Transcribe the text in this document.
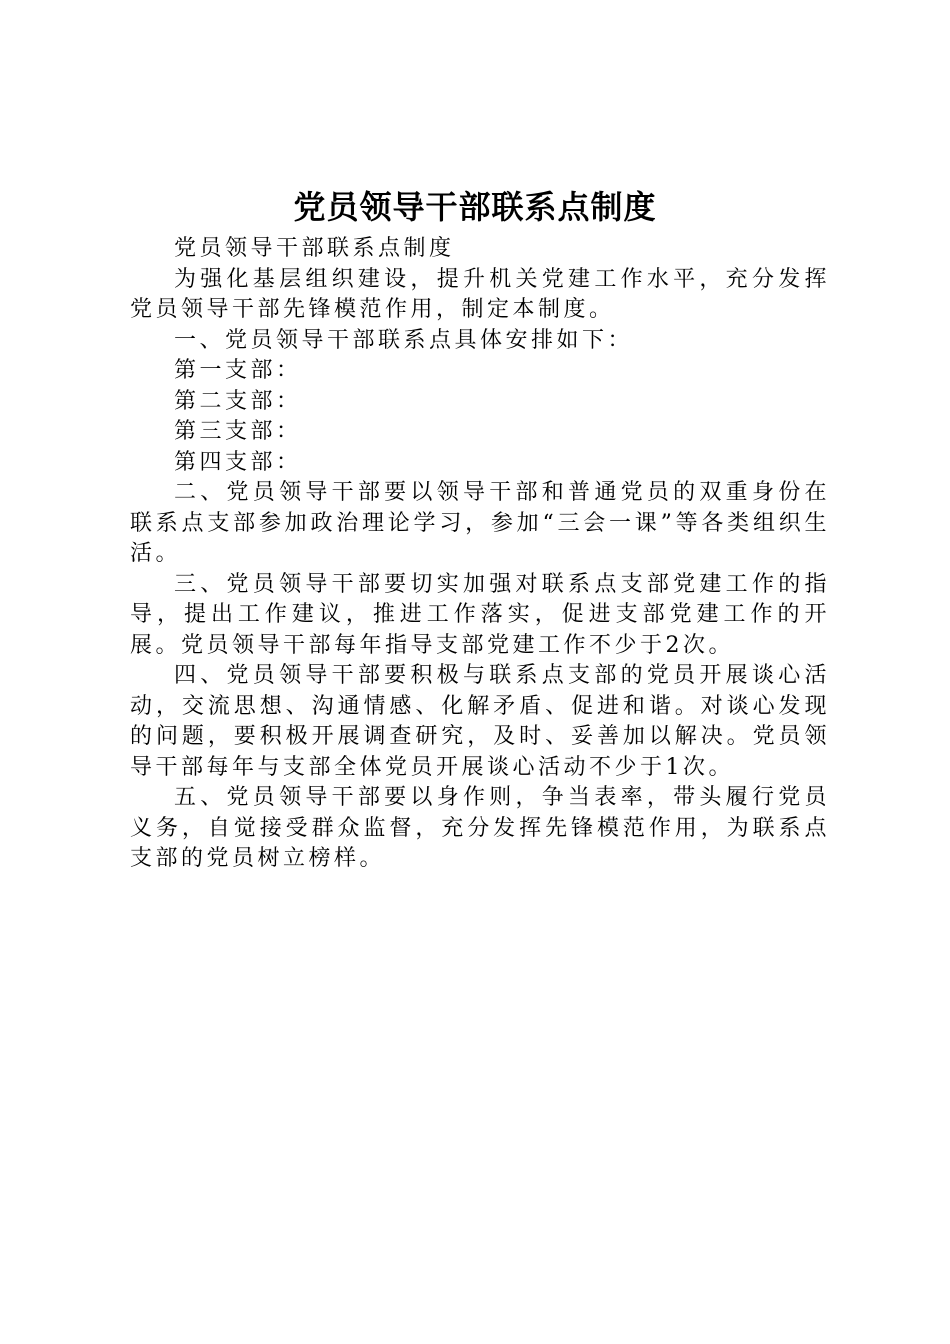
党员领导干部联系点制度

党员领导干部联系点制度

为强化基层组织建设，提升机关党建工作水平，充分发挥党员领导干部先锋模范作用，制定本制度。

一、党员领导干部联系点具体安排如下：

第一支部：

第二支部：

第三支部：

第四支部：

二、党员领导干部要以领导干部和普通党员的双重身份在联系点支部参加政治理论学习，参加“三会一课”等各类组织生活。

三、党员领导干部要切实加强对联系点支部党建工作的指导，提出工作建议，推进工作落实，促进支部党建工作的开展。党员领导干部每年指导支部党建工作不少于2次。

四、党员领导干部要积极与联系点支部的党员开展谈心活动，交流思想、沟通情感、化解矛盾、促进和谐。对谈心发现的问题，要积极开展调查研究，及时、妥善加以解决。党员领导干部每年与支部全体党员开展谈心活动不少于1次。

五、党员领导干部要以身作则，争当表率，带头履行党员义务，自觉接受群众监督，充分发挥先锋模范作用，为联系点支部的党员树立榜样。
